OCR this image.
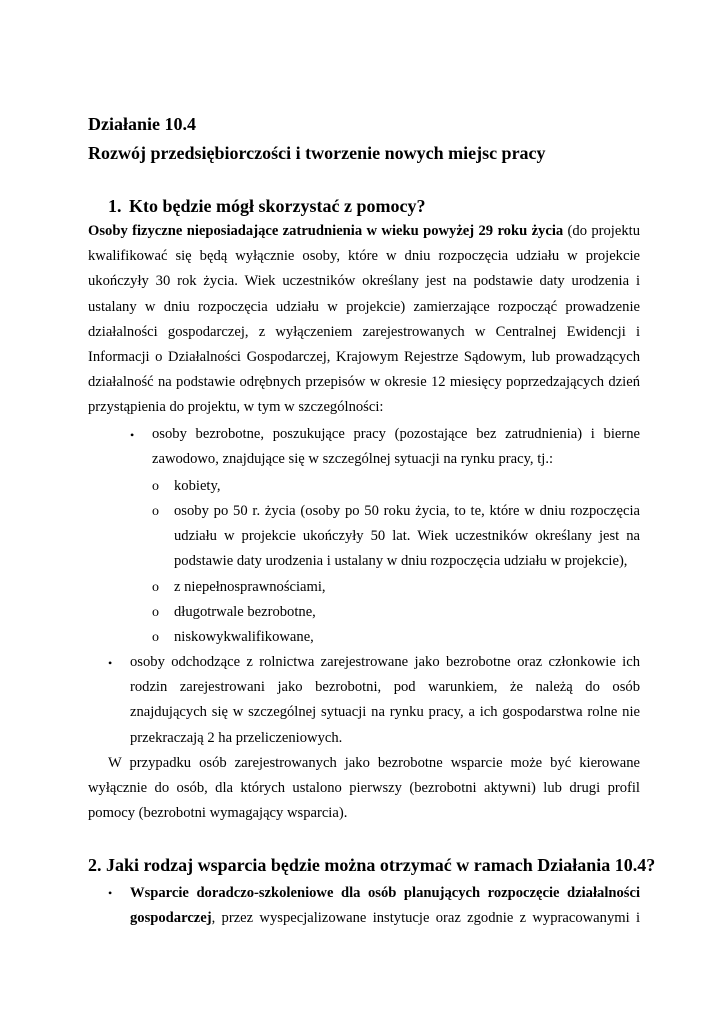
Działanie 10.4
Rozwój przedsiębiorczości i tworzenie nowych miejsc pracy
1. Kto będzie mógł skorzystać z pomocy?
Osoby fizyczne nieposiadające zatrudnienia w wieku powyżej 29 roku życia (do projektu
kwalifikować się będą wyłącznie osoby, które w dniu rozpoczęcia udziału w projekcie
ukończyły 30 rok życia. Wiek uczestników określany jest na podstawie daty urodzenia i
ustalany w dniu rozpoczęcia udziału w projekcie) zamierzające rozpocząć prowadzenie
działalności gospodarczej, z wyłączeniem zarejestrowanych w Centralnej Ewidencji i
Informacji o Działalności Gospodarczej, Krajowym Rejestrze Sądowym, lub prowadzących
działalność na podstawie odrębnych przepisów w okresie 12 miesięcy poprzedzających dzień
przystąpienia do projektu, w tym w szczególności:
• osoby bezrobotne, poszukujące pracy (pozostające bez zatrudnienia) i bierne
zawodowo, znajdujące się w szczególnej sytuacji na rynku pracy, tj.:
o kobiety,
o osoby po 50 r. życia (osoby po 50 roku życia, to te, które w dniu rozpoczęcia
udziału w projekcie ukończyły 50 lat. Wiek uczestników określany jest na
podstawie daty urodzenia i ustalany w dniu rozpoczęcia udziału w projekcie),
o z niepełnosprawnościami,
o długotrwale bezrobotne,
o niskowykwalifikowane,
• osoby odchodzące z rolnictwa zarejestrowane jako bezrobotne oraz członkowie ich
rodzin zarejestrowani jako bezrobotni, pod warunkiem, że należą do osób
znajdujących się w szczególnej sytuacji na rynku pracy, a ich gospodarstwa rolne nie
przekraczają 2 ha przeliczeniowych.
W przypadku osób zarejestrowanych jako bezrobotne wsparcie może być kierowane
wyłącznie do osób, dla których ustalono pierwszy (bezrobotni aktywni) lub drugi profil
pomocy (bezrobotni wymagający wsparcia).
2. Jaki rodzaj wsparcia będzie można otrzymać w ramach Działania 10.4?
• Wsparcie doradczo-szkoleniowe dla osób planujących rozpoczęcie działalności
gospodarczej, przez wyspecjalizowane instytucje oraz zgodnie z wypracowanymi i
